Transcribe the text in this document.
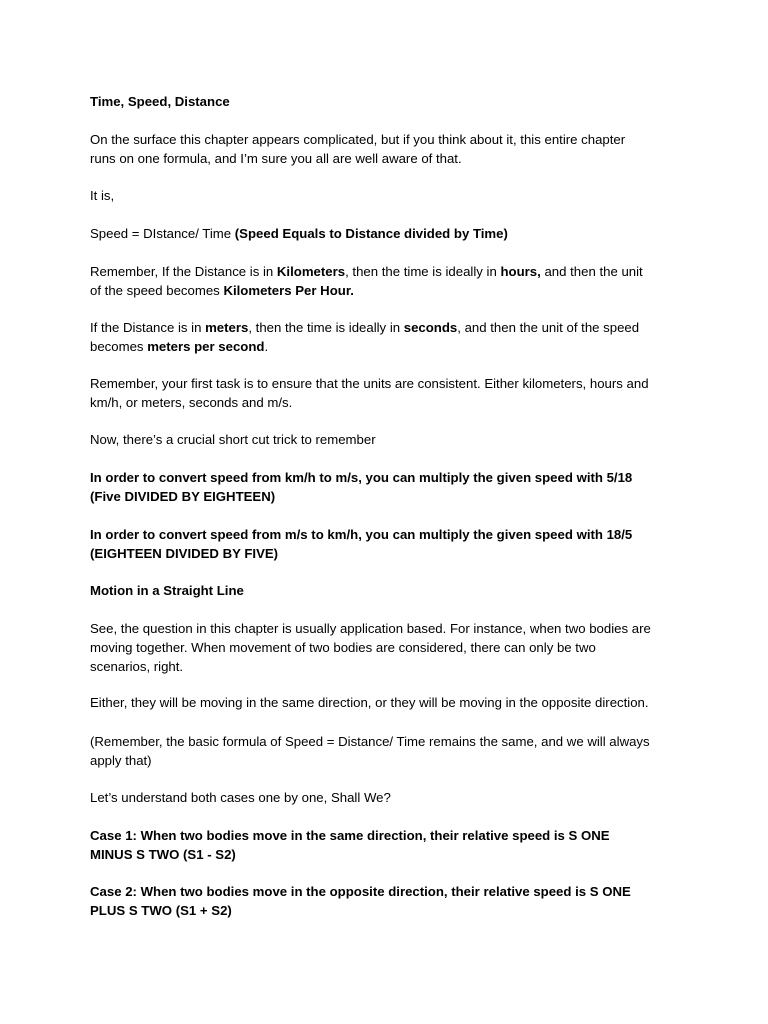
Time, Speed, Distance

On the surface this chapter appears complicated, but if you think about it, this entire chapter
runs on one formula, and I’m sure you all are well aware of that.

It is,

Speed = DIstance/ Time (Speed Equals to Distance divided by Time)

Remember, If the Distance is in Kilometers, then the time is ideally in hours, and then the unit
of the speed becomes Kilometers Per Hour.

If the Distance is in meters, then the time is ideally in seconds, and then the unit of the speed
becomes meters per second.

Remember, your first task is to ensure that the units are consistent. Either kilometers, hours and
km/h, or meters, seconds and m/s.

Now, there’s a crucial short cut trick to remember

In order to convert speed from km/h to m/s, you can multiply the given speed with 5/18
(Five DIVIDED BY EIGHTEEN)

In order to convert speed from m/s to km/h, you can multiply the given speed with 18/5
(EIGHTEEN DIVIDED BY FIVE)

Motion in a Straight Line

See, the question in this chapter is usually application based. For instance, when two bodies are
moving together. When movement of two bodies are considered, there can only be two
scenarios, right.

Either, they will be moving in the same direction, or they will be moving in the opposite direction.

(Remember, the basic formula of Speed = Distance/ Time remains the same, and we will always
apply that)

Let’s understand both cases one by one, Shall We?

Case 1: When two bodies move in the same direction, their relative speed is S ONE
MINUS S TWO (S1 - S2)

Case 2: When two bodies move in the opposite direction, their relative speed is S ONE
PLUS S TWO (S1 + S2)
